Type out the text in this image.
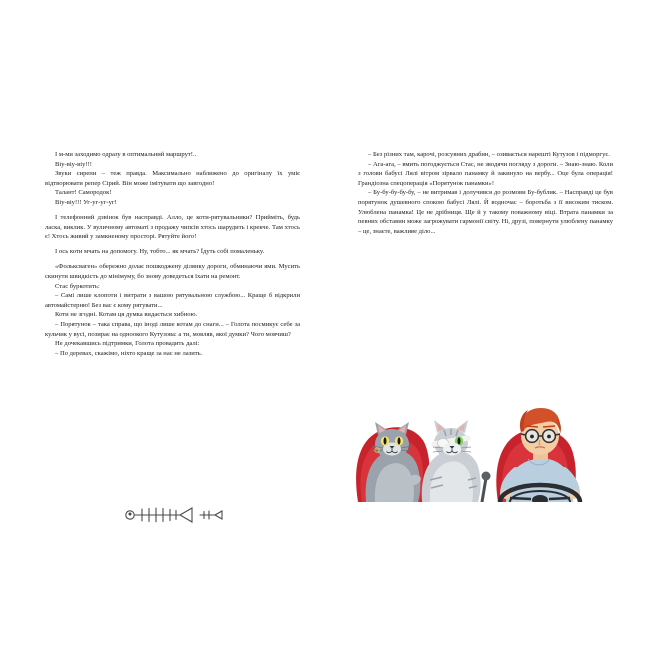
І м-ми заходимо одразу в оптимальний маршрут!..

Віу-віу-віу!!!

Звуки сирени – теж правда. Максимально наближено до оригіналу їх уміє відтворювати репер Сірий. Він може імітувати що завгодно!

Талант! Самородок!

Віу-віу!!! Уг-уг-уг-уг!

І телефонний дзвінок був насправді. Алло, це коти-рятувальники? Прийміть, будь ласка, виклик. У вуличному автоматі з продажу чипсів хтось шарудить і крекче. Там хтось є! Хтось живий у замкненому просторі. Рятуйте його!

І ось коти мчать на допомогу. Ну, тобто... як мчать? Їдуть собі помаленьку.

«Фольксваген» обережно долає пошкоджену ділянку дороги, обминаючи ями. Мусить скинути швидкість до мінімуму, бо знову доведеться їхати на ремонт.

Стас буркотить:

– Самі лише клопоти і витрати з вашою рятувальною службою... Краще б відкрили автомайстерню! Без вас є кому рятувати...

Коти не згодні. Котам ця думка видається хибною.

– Порятунок – така справа, що іноді лише котам до снаги... – Голота посмикує себе за кульчик у вусі, позирає на одноокого Кутузова: а ти, мовляв, якої думки? Чого мовчиш?

Не дочекавшись підтримки, Голота провадить далі:

– По деревах, скажімо, ніхто краще за нас не лазить.

– Без різних там, карочі, розсувних драбин, – озивається нарешті Кутузов і підморгує.

– Ага-ага, – вмить погоджується Стас, не зводячи погляду з дороги. – Знаю-знаю. Коли з голови бабусі Лялі вітром зірвало панамку й закинуло на вербу... Оце була операція! Грандіозна спецоперація «Порятунок панамки»!

– Бу-бу-бу-бу-бу, – не витримав і долучився до розмови Бу-бублик. – Насправді це був порятунок душевного спокою бабусі Лялі. Й водночас – боротьба з її високим тиском. Улюблена панамка! Це не дрібниця. Ще й у такому поважному віці. Втрата панамки за певних обставин може загрожувати гармонії світу. Ні, друзі, повернути улюблену панамку – це, знаєте, важливе діло...
